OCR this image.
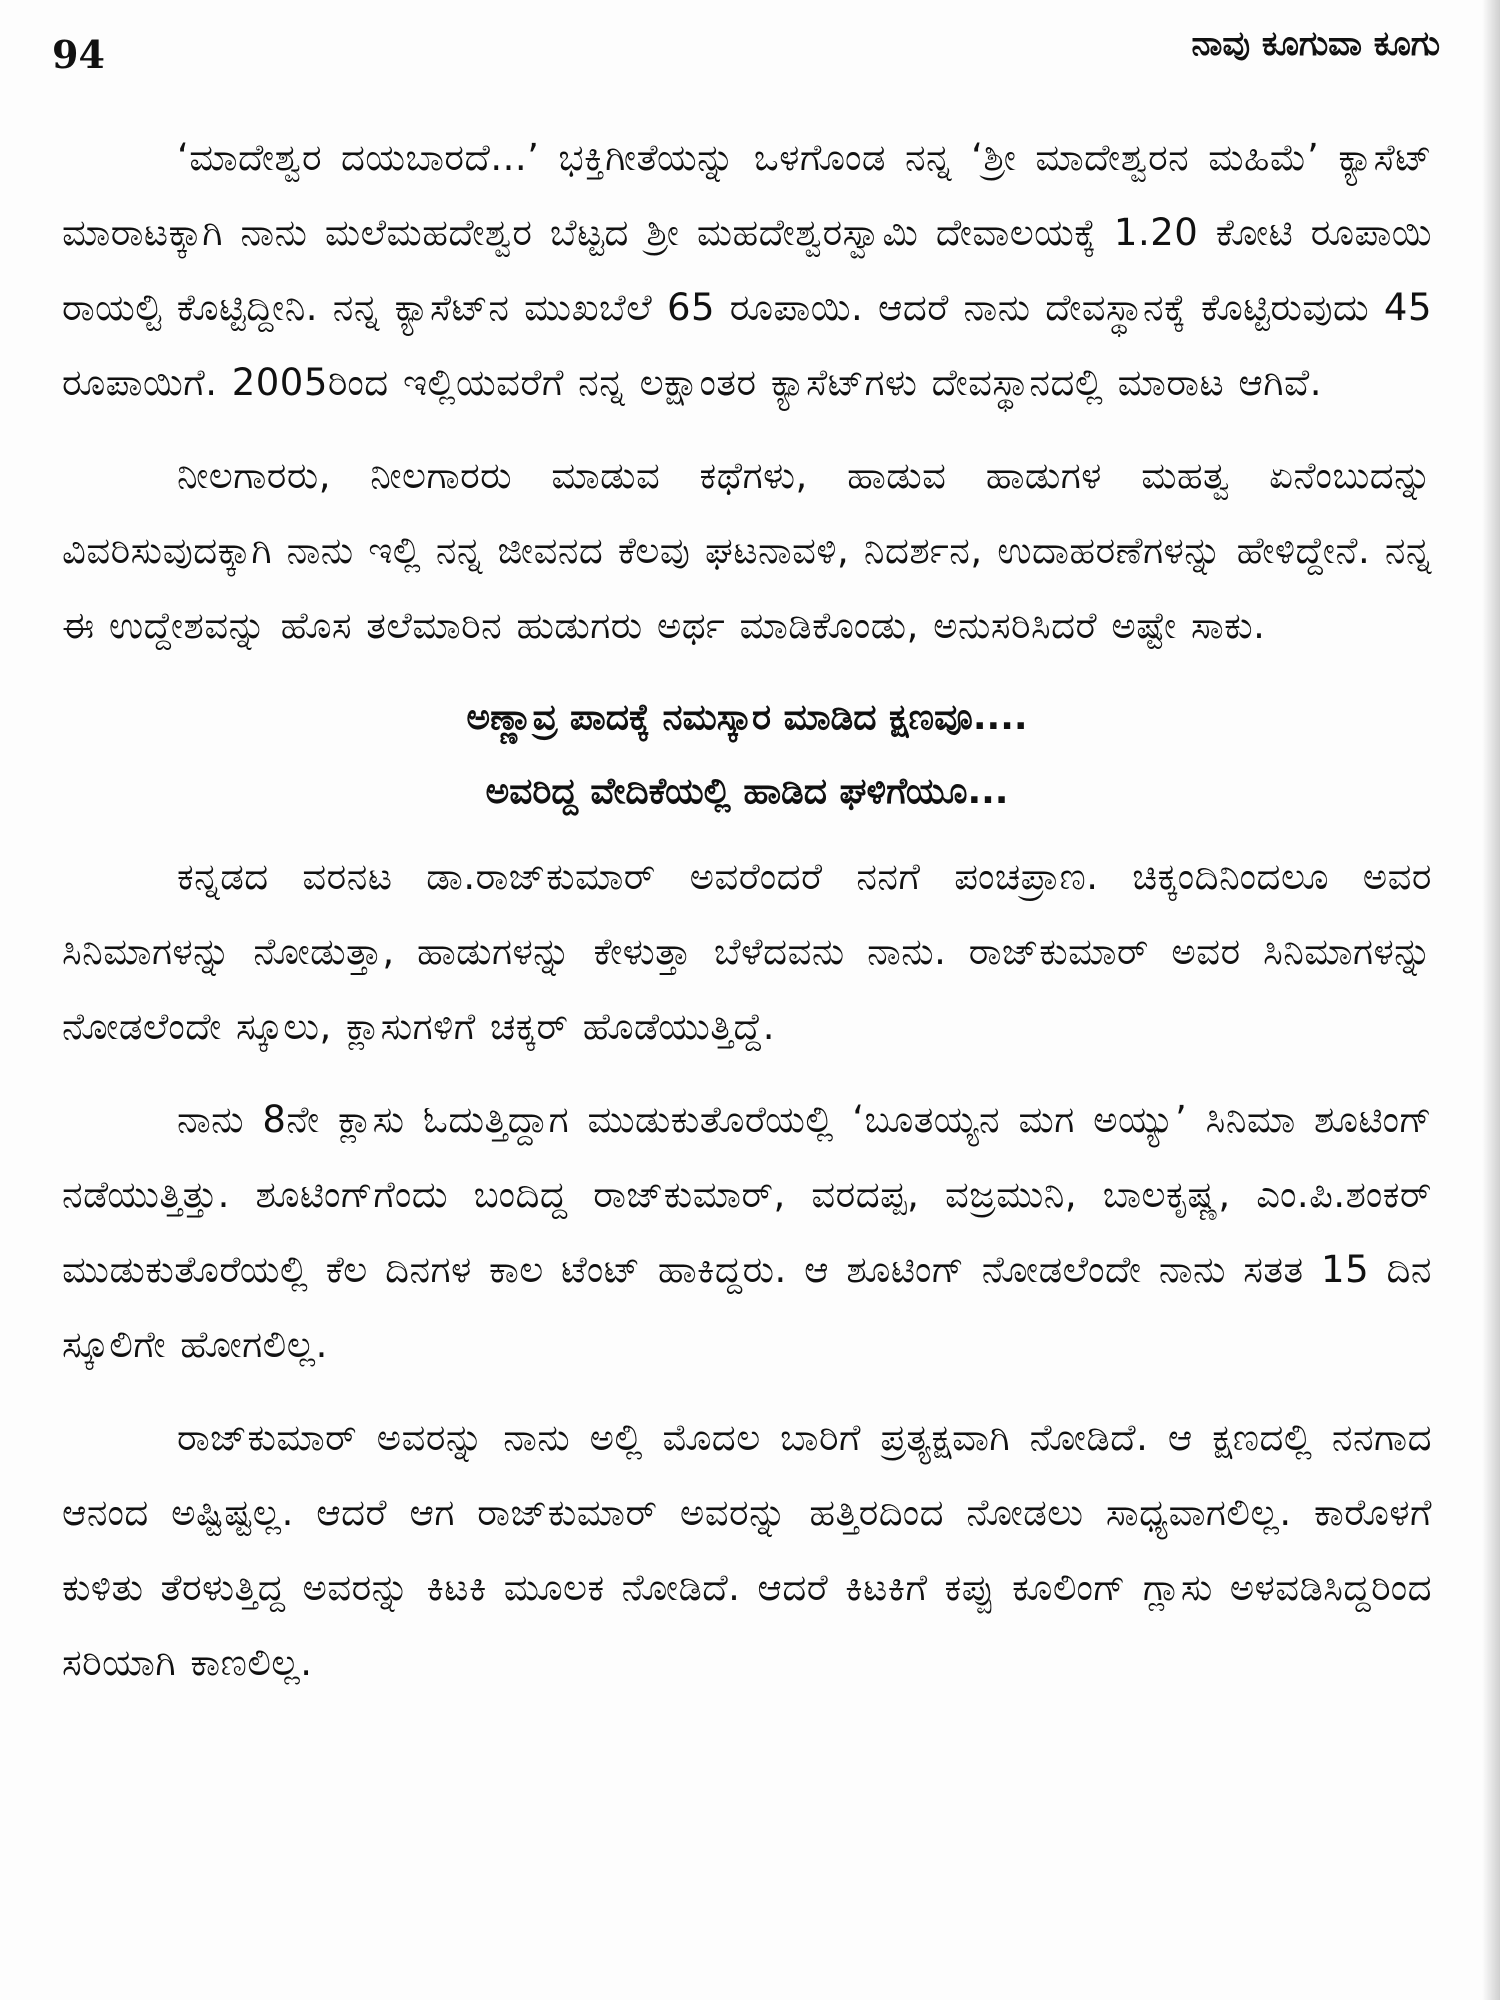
94	ನಾವು ಕೂಗುವಾ ಕೂಗು

‘ಮಾದೇಶ್ವರ ದಯಬಾರದೆ...’ ಭಕ್ತಿಗೀತೆಯನ್ನು ಒಳಗೊಂಡ ನನ್ನ ‘ಶ್ರೀ ಮಾದೇಶ್ವರನ ಮಹಿಮೆ’ ಕ್ಯಾಸೆಟ್ ಮಾರಾಟಕ್ಕಾಗಿ ನಾನು ಮಲೆಮಹದೇಶ್ವರ ಬೆಟ್ಟದ ಶ್ರೀ ಮಹದೇಶ್ವರಸ್ವಾಮಿ ದೇವಾಲಯಕ್ಕೆ 1.20 ಕೋಟಿ ರೂಪಾಯಿ ರಾಯಲ್ಟಿ ಕೊಟ್ಟಿದ್ದೀನಿ. ನನ್ನ ಕ್ಯಾಸೆಟ್‌ನ ಮುಖಬೆಲೆ 65 ರೂಪಾಯಿ. ಆದರೆ ನಾನು ದೇವಸ್ಥಾನಕ್ಕೆ ಕೊಟ್ಟಿರುವುದು 45 ರೂಪಾಯಿಗೆ. 2005ರಿಂದ ಇಲ್ಲಿಯವರೆಗೆ ನನ್ನ ಲಕ್ಷಾಂತರ ಕ್ಯಾಸೆಟ್‌ಗಳು ದೇವಸ್ಥಾನದಲ್ಲಿ ಮಾರಾಟ ಆಗಿವೆ.

ನೀಲಗಾರರು, ನೀಲಗಾರರು ಮಾಡುವ ಕಥೆಗಳು, ಹಾಡುವ ಹಾಡುಗಳ ಮಹತ್ವ ಏನೆಂಬುದನ್ನು ವಿವರಿಸುವುದಕ್ಕಾಗಿ ನಾನು ಇಲ್ಲಿ ನನ್ನ ಜೀವನದ ಕೆಲವು ಘಟನಾವಳಿ, ನಿದರ್ಶನ, ಉದಾಹರಣೆಗಳನ್ನು ಹೇಳಿದ್ದೇನೆ. ನನ್ನ ಈ ಉದ್ದೇಶವನ್ನು ಹೊಸ ತಲೆಮಾರಿನ ಹುಡುಗರು ಅರ್ಥ ಮಾಡಿಕೊಂಡು, ಅನುಸರಿಸಿದರೆ ಅಷ್ಟೇ ಸಾಕು.

ಅಣ್ಣಾವ್ರ ಪಾದಕ್ಕೆ ನಮಸ್ಕಾರ ಮಾಡಿದ ಕ್ಷಣವೂ....

ಅವರಿದ್ದ ವೇದಿಕೆಯಲ್ಲಿ ಹಾಡಿದ ಘಳಿಗೆಯೂ...

ಕನ್ನಡದ ವರನಟ ಡಾ.ರಾಜ್‌ಕುಮಾರ್ ಅವರೆಂದರೆ ನನಗೆ ಪಂಚಪ್ರಾಣ. ಚಿಕ್ಕಂದಿನಿಂದಲೂ ಅವರ ಸಿನಿಮಾಗಳನ್ನು ನೋಡುತ್ತಾ, ಹಾಡುಗಳನ್ನು ಕೇಳುತ್ತಾ ಬೆಳೆದವನು ನಾನು. ರಾಜ್‌ಕುಮಾರ್ ಅವರ ಸಿನಿಮಾಗಳನ್ನು ನೋಡಲೆಂದೇ ಸ್ಕೂಲು, ಕ್ಲಾಸುಗಳಿಗೆ ಚಕ್ಕರ್ ಹೊಡೆಯುತ್ತಿದ್ದೆ.

ನಾನು 8ನೇ ಕ್ಲಾಸು ಓದುತ್ತಿದ್ದಾಗ ಮುಡುಕುತೊರೆಯಲ್ಲಿ ‘ಬೂತಯ್ಯನ ಮಗ ಅಯ್ಯು’ ಸಿನಿಮಾ ಶೂಟಿಂಗ್ ನಡೆಯುತ್ತಿತ್ತು. ಶೂಟಿಂಗ್‌ಗೆಂದು ಬಂದಿದ್ದ ರಾಜ್‌ಕುಮಾರ್, ವರದಪ್ಪ, ವಜ್ರಮುನಿ, ಬಾಲಕೃಷ್ಣ, ಎಂ.ಪಿ.ಶಂಕರ್ ಮುಡುಕುತೊರೆಯಲ್ಲಿ ಕೆಲ ದಿನಗಳ ಕಾಲ ಟೆಂಟ್ ಹಾಕಿದ್ದರು. ಆ ಶೂಟಿಂಗ್ ನೋಡಲೆಂದೇ ನಾನು ಸತತ 15 ದಿನ ಸ್ಕೂಲಿಗೇ ಹೋಗಲಿಲ್ಲ.

ರಾಜ್‌ಕುಮಾರ್ ಅವರನ್ನು ನಾನು ಅಲ್ಲಿ ಮೊದಲ ಬಾರಿಗೆ ಪ್ರತ್ಯಕ್ಷವಾಗಿ ನೋಡಿದೆ. ಆ ಕ್ಷಣದಲ್ಲಿ ನನಗಾದ ಆನಂದ ಅಷ್ಟಿಷ್ಟಲ್ಲ. ಆದರೆ ಆಗ ರಾಜ್‌ಕುಮಾರ್ ಅವರನ್ನು ಹತ್ತಿರದಿಂದ ನೋಡಲು ಸಾಧ್ಯವಾಗಲಿಲ್ಲ. ಕಾರೊಳಗೆ ಕುಳಿತು ತೆರಳುತ್ತಿದ್ದ ಅವರನ್ನು ಕಿಟಕಿ ಮೂಲಕ ನೋಡಿದೆ. ಆದರೆ ಕಿಟಕಿಗೆ ಕಪ್ಪು ಕೂಲಿಂಗ್ ಗ್ಲಾಸು ಅಳವಡಿಸಿದ್ದರಿಂದ ಸರಿಯಾಗಿ ಕಾಣಲಿಲ್ಲ.
